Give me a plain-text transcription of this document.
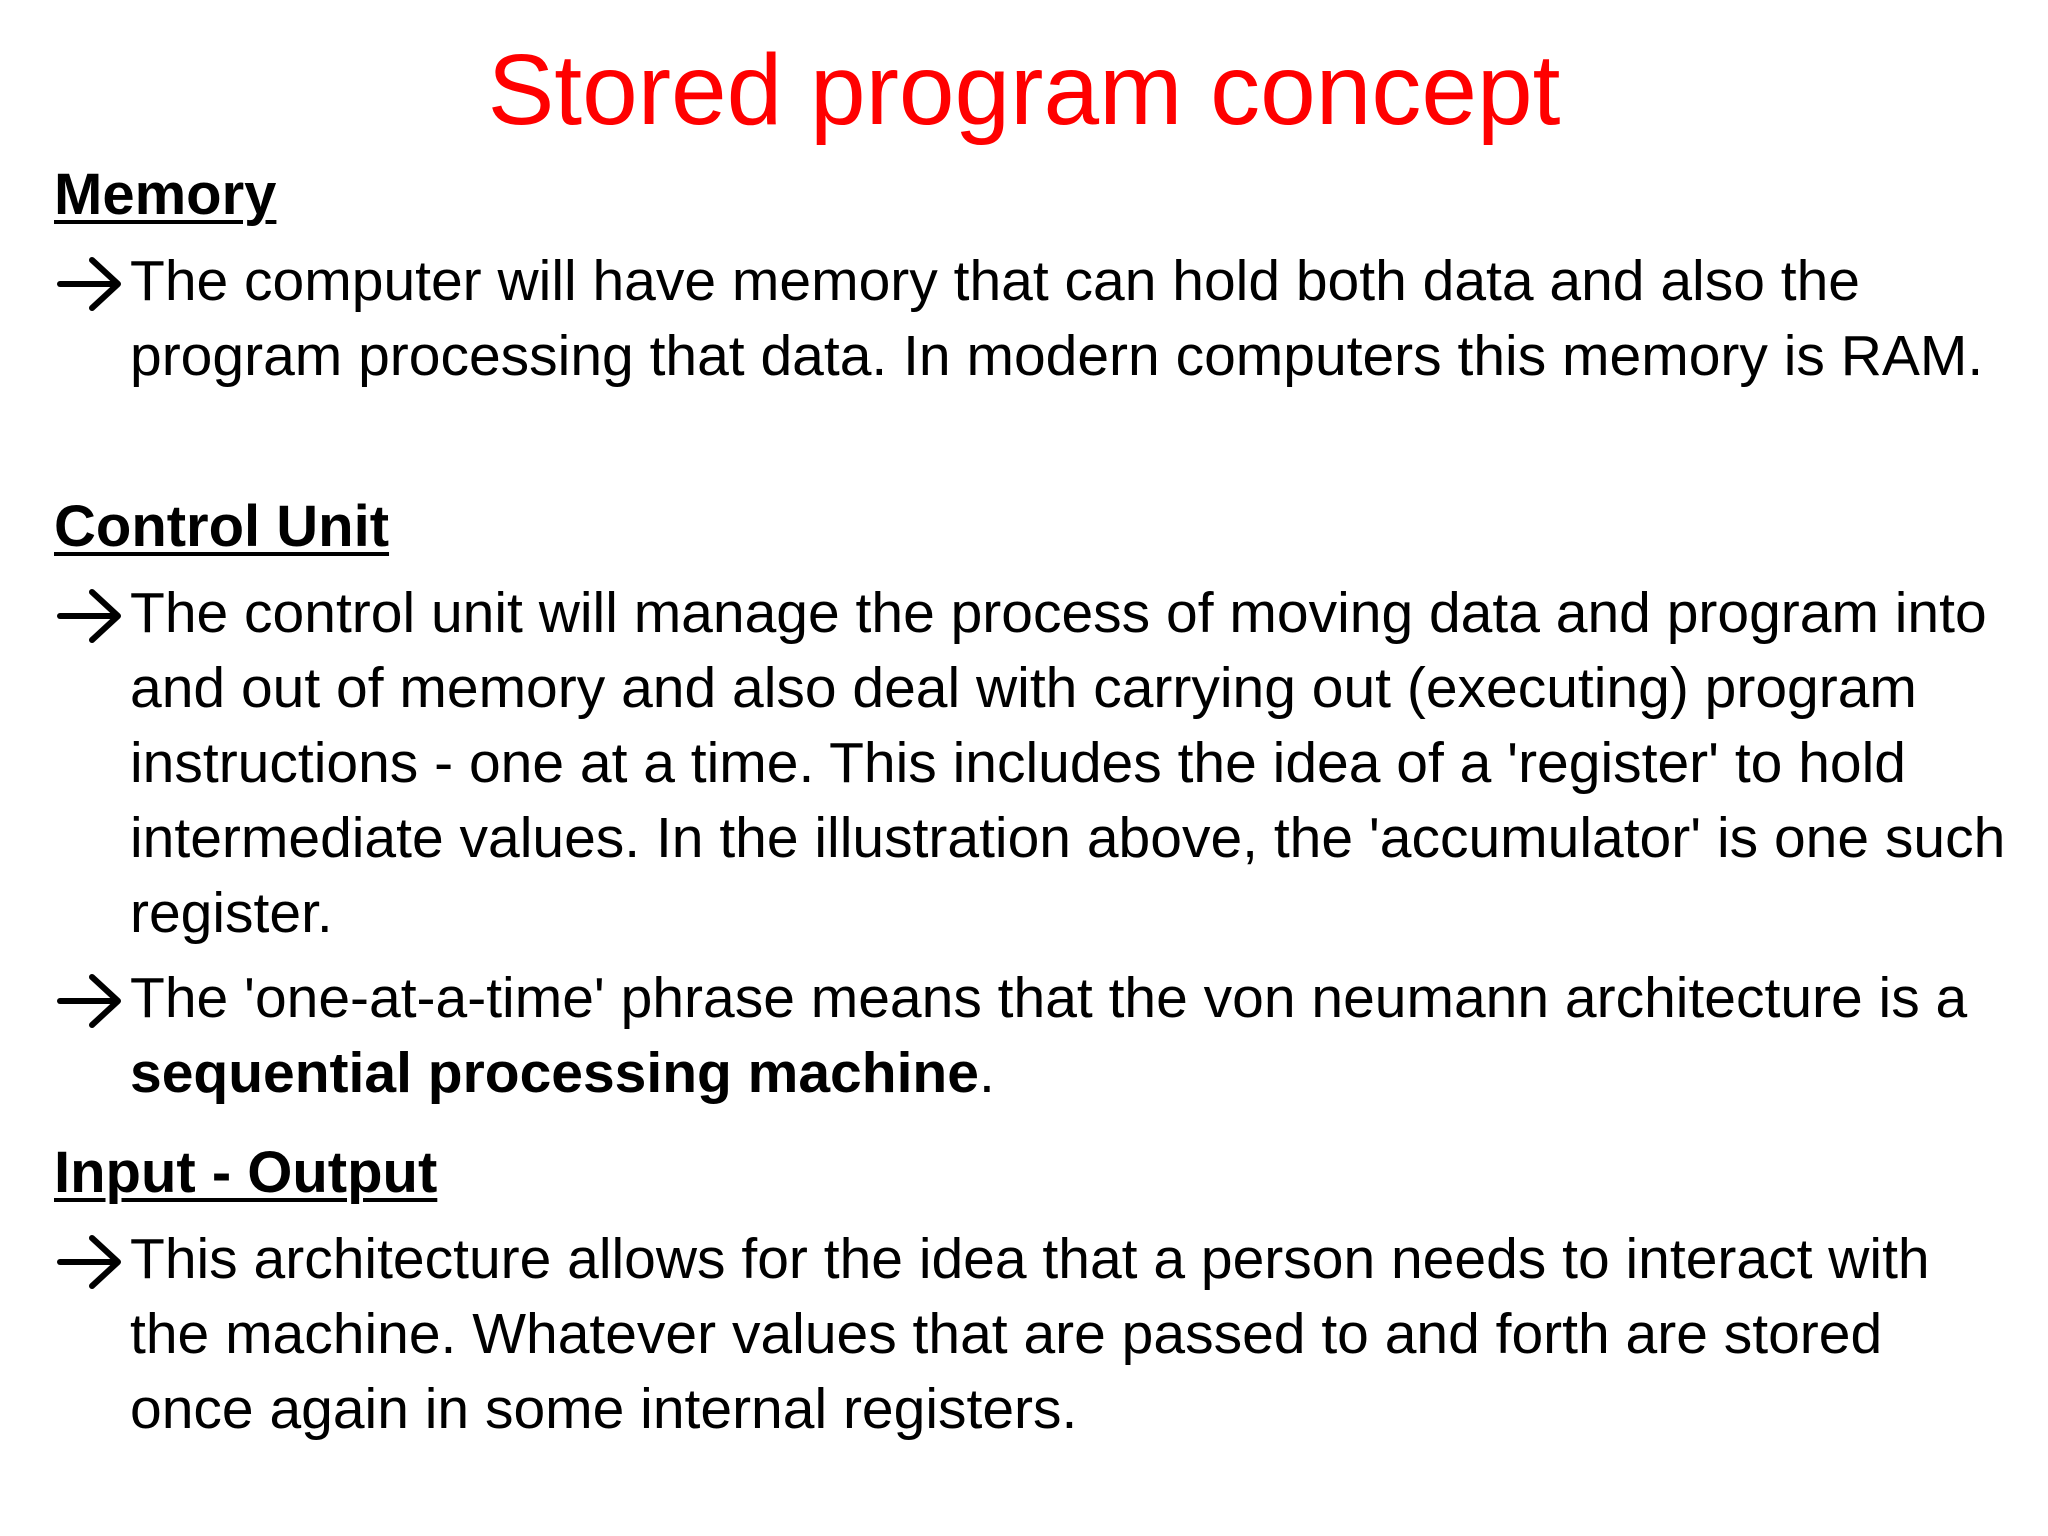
Stored program concept
Memory
The computer will have memory that can hold both data and also the program processing that data. In modern computers this memory is RAM.
Control Unit
The control unit will manage the process of moving data and program into and out of memory and also deal with carrying out (executing) program instructions - one at a time. This includes the idea of a 'register' to hold intermediate values. In the illustration above, the 'accumulator' is one such register.
The 'one-at-a-time' phrase means that the von neumann architecture is a sequential processing machine.
Input - Output
This architecture allows for the idea that a person needs to interact with the machine. Whatever values that are passed to and forth are stored once again in some internal registers.
